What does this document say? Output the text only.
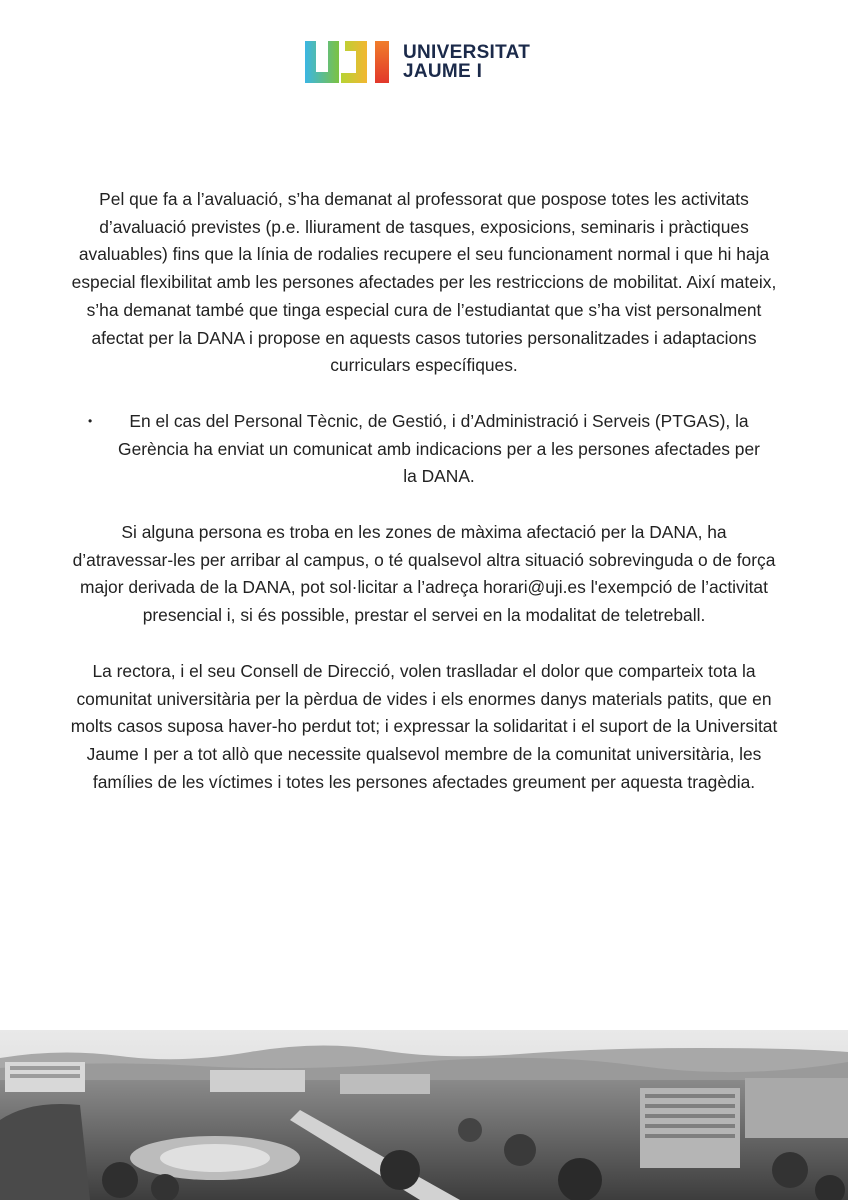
UNIVERSITAT
JAUME I

Pel que fa a l’avaluació, s’ha demanat al professorat que pospose totes les activitats d’avaluació previstes (p.e. lliurament de tasques, exposicions, seminaris i pràctiques avaluables) fins que la línia de rodalies recupere el seu funcionament normal i que hi haja especial flexibilitat amb les persones afectades per les restriccions de mobilitat. Així mateix, s’ha demanat també que tinga especial cura de l’estudiantat que s’ha vist personalment afectat per la DANA i propose en aquests casos tutories personalitzades i adaptacions curriculars específiques.

•	En el cas del Personal Tècnic, de Gestió, i d’Administració i Serveis (PTGAS), la Gerència ha enviat un comunicat amb indicacions per a les persones afectades per la DANA.

Si alguna persona es troba en les zones de màxima afectació per la DANA, ha d’atravessar-les per arribar al campus, o té qualsevol altra situació sobrevinguda o de força major derivada de la DANA, pot sol·licitar a l’adreça horari@uji.es l'exempció de l’activitat presencial i, si és possible, prestar el servei en la modalitat de teletreball.

La rectora, i el seu Consell de Direcció, volen traslladar el dolor que comparteix tota la comunitat universitària per la pèrdua de vides i els enormes danys materials patits, que en molts casos suposa haver-ho perdut tot; i expressar la solidaritat i el suport de la Universitat Jaume I per a tot allò que necessite qualsevol membre de la comunitat universitària, les famílies de les víctimes i totes les persones afectades greument per aquesta tragèdia.
